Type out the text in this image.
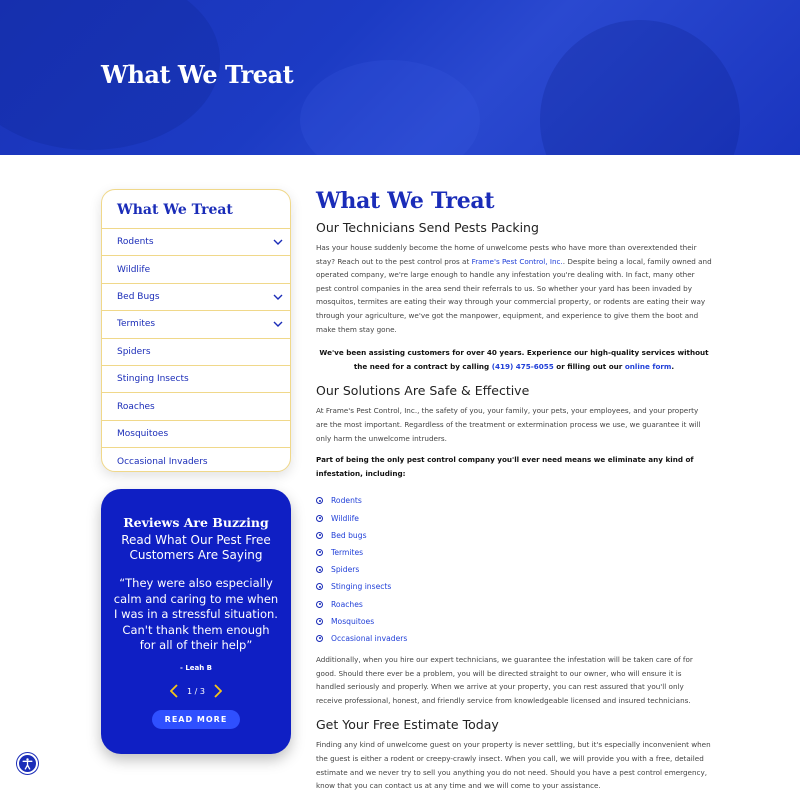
What We Treat
What We Treat
Rodents
Wildlife
Bed Bugs
Termites
Spiders
Stinging Insects
Roaches
Mosquitoes
Occasional Invaders
Reviews Are Buzzing
Read What Our Pest Free Customers Are Saying
“They were also especially calm and caring to me when I was in a stressful situation. Can't thank them enough for all of their help”
- Leah B
1 / 3
READ MORE
What We Treat
Our Technicians Send Pests Packing

Has your house suddenly become the home of unwelcome pests who have more than overextended their stay? Reach out to the pest control pros at Frame's Pest Control, Inc.. Despite being a local, family owned and operated company, we're large enough to handle any infestation you're dealing with. In fact, many other pest control companies in the area send their referrals to us. So whether your yard has been invaded by mosquitos, termites are eating their way through your commercial property, or rodents are eating their way through your agriculture, we've got the manpower, equipment, and experience to give them the boot and make them stay gone.

We've been assisting customers for over 40 years. Experience our high-quality services without the need for a contract by calling (419) 475-6055 or filling out our online form.
Our Solutions Are Safe & Effective

At Frame's Pest Control, Inc., the safety of you, your family, your pets, your employees, and your property are the most important. Regardless of the treatment or extermination process we use, we guarantee it will only harm the unwelcome intruders.

Part of being the only pest control company you'll ever need means we eliminate any kind of infestation, including:
Rodents
Wildlife
Bed bugs
Termites
Spiders
Stinging insects
Roaches
Mosquitoes
Occasional invaders

Additionally, when you hire our expert technicians, we guarantee the infestation will be taken care of for good. Should there ever be a problem, you will be directed straight to our owner, who will ensure it is handled seriously and properly. When we arrive at your property, you can rest assured that you'll only receive professional, honest, and friendly service from knowledgeable licensed and insured technicians.

Get Your Free Estimate Today

Finding any kind of unwelcome guest on your property is never settling, but it's especially inconvenient when the guest is either a rodent or creepy-crawly insect. When you call, we will provide you with a free, detailed estimate and we never try to sell you anything you do not need. Should you have a pest control emergency, know that you can contact us at any time and we will come to your assistance.
